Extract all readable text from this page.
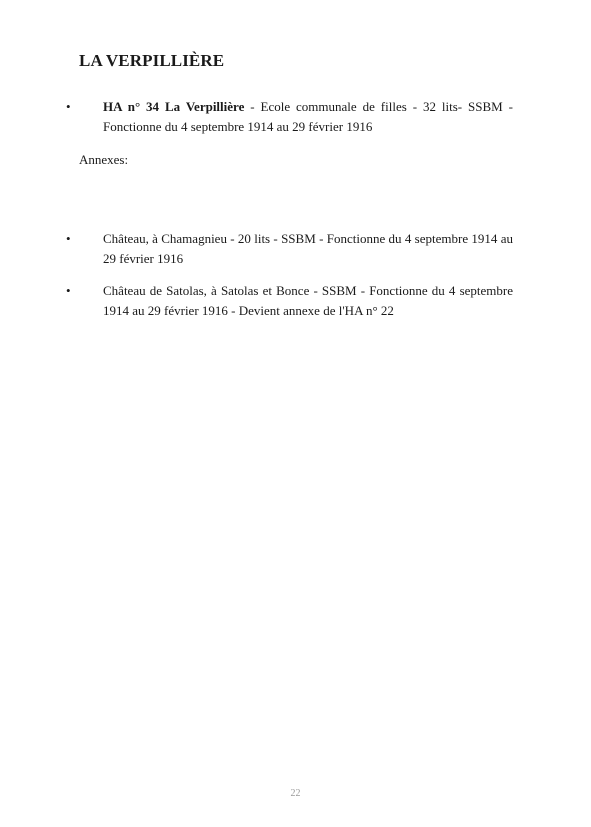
LA VERPILLIÈRE
•	HA n° 34 La Verpillière - Ecole communale de filles - 32 lits- SSBM - Fonctionne du 4 septembre 1914 au 29 février 1916

Annexes:

•	Château, à Chamagnieu - 20 lits - SSBM - Fonctionne du 4 septembre 1914 au 29 février 1916
•	Château de Satolas, à Satolas et Bonce - SSBM - Fonctionne du 4 septembre 1914 au 29 février 1916 - Devient annexe de l'HA n° 22
22
